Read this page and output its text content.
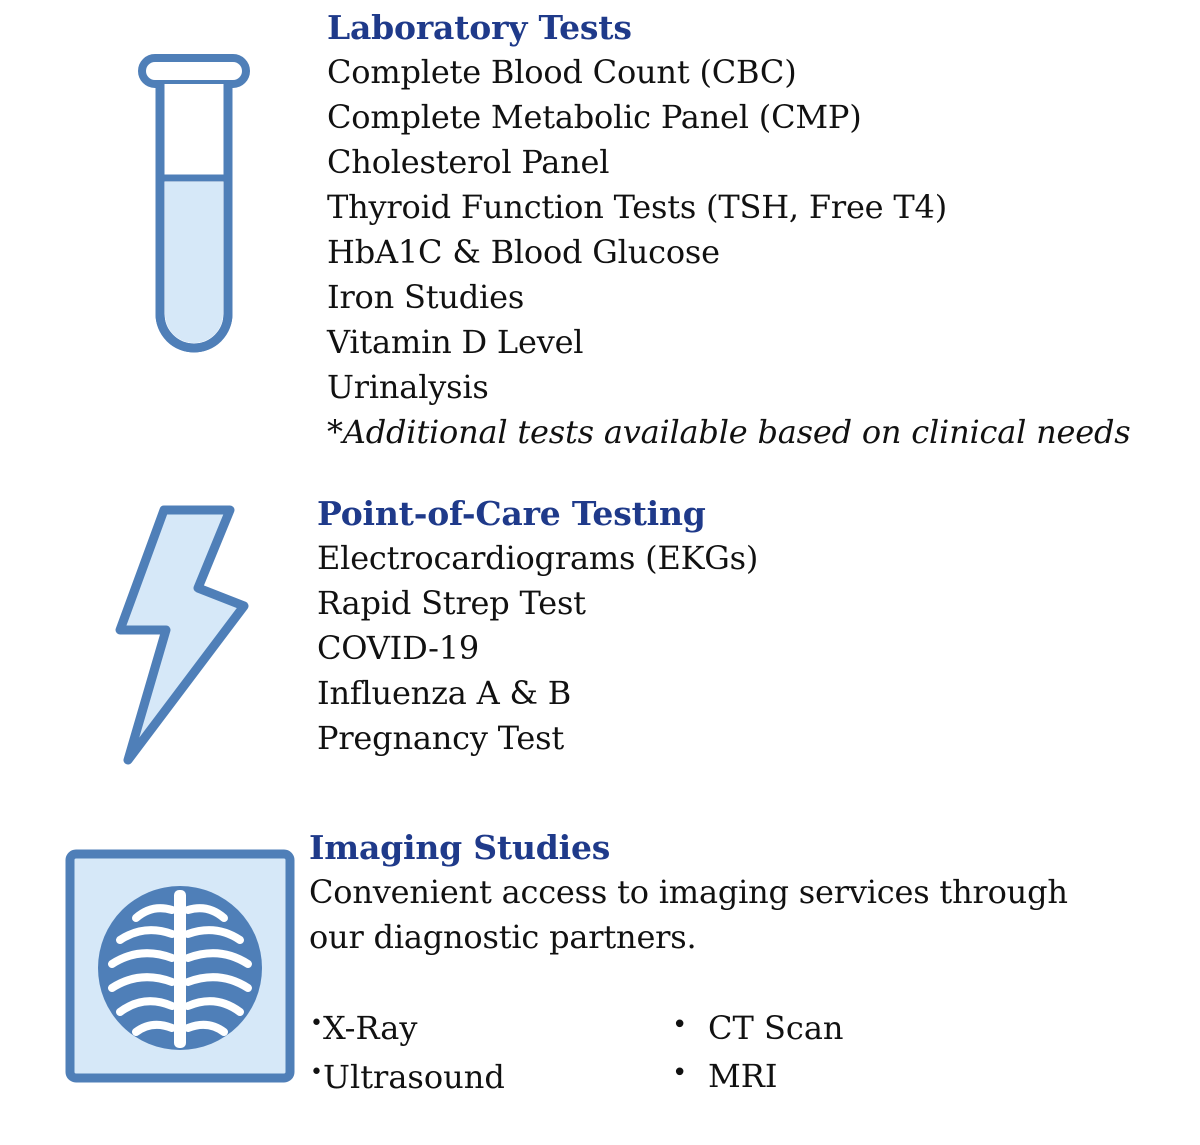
Laboratory Tests
Complete Blood Count (CBC)
Complete Metabolic Panel (CMP)
Cholesterol Panel
Thyroid Function Tests (TSH, Free T4)
HbA1C & Blood Glucose
Iron Studies
Vitamin D Level
Urinalysis
*Additional tests available based on clinical needs
Point-of-Care Testing
Electrocardiograms (EKGs)
Rapid Strep Test
COVID-19
Influenza A & B
Pregnancy Test
Imaging Studies
Convenient access to imaging services through
our diagnostic partners.
•X-Ray
•Ultrasound
• CT Scan
• MRI
